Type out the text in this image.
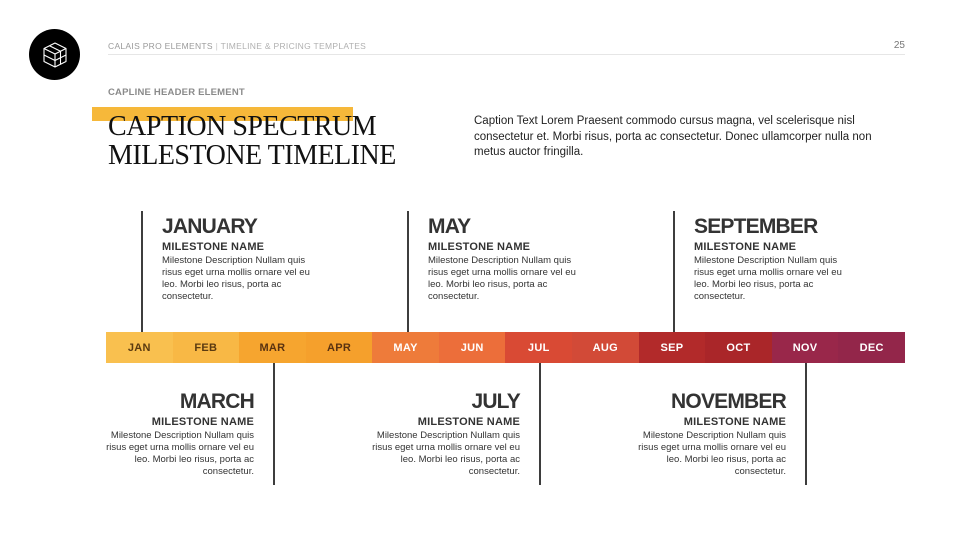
CALAIS PRO ELEMENTS | TIMELINE & PRICING TEMPLATES	25
CAPLINE HEADER ELEMENT
CAPTION SPECTRUM
MILESTONE TIMELINE
Caption Text Lorem Praesent commodo cursus magna, vel scelerisque nisl consectetur et. Morbi risus, porta ac consectetur. Donec ullamcorper nulla non metus auctor fringilla.
JAN	FEB	MAR	APR	MAY	JUN	JUL	AUG	SEP	OCT	NOV	DEC
JANUARY
MILESTONE NAME
Milestone Description Nullam quis risus eget urna mollis ornare vel eu leo. Morbi leo risus, porta ac consectetur.
MAY
MILESTONE NAME
Milestone Description Nullam quis risus eget urna mollis ornare vel eu leo. Morbi leo risus, porta ac consectetur.
SEPTEMBER
MILESTONE NAME
Milestone Description Nullam quis risus eget urna mollis ornare vel eu leo. Morbi leo risus, porta ac consectetur.
MARCH
MILESTONE NAME
Milestone Description Nullam quis risus eget urna mollis ornare vel eu leo. Morbi leo risus, porta ac consectetur.
JULY
MILESTONE NAME
Milestone Description Nullam quis risus eget urna mollis ornare vel eu leo. Morbi leo risus, porta ac consectetur.
NOVEMBER
MILESTONE NAME
Milestone Description Nullam quis risus eget urna mollis ornare vel eu leo. Morbi leo risus, porta ac consectetur.
